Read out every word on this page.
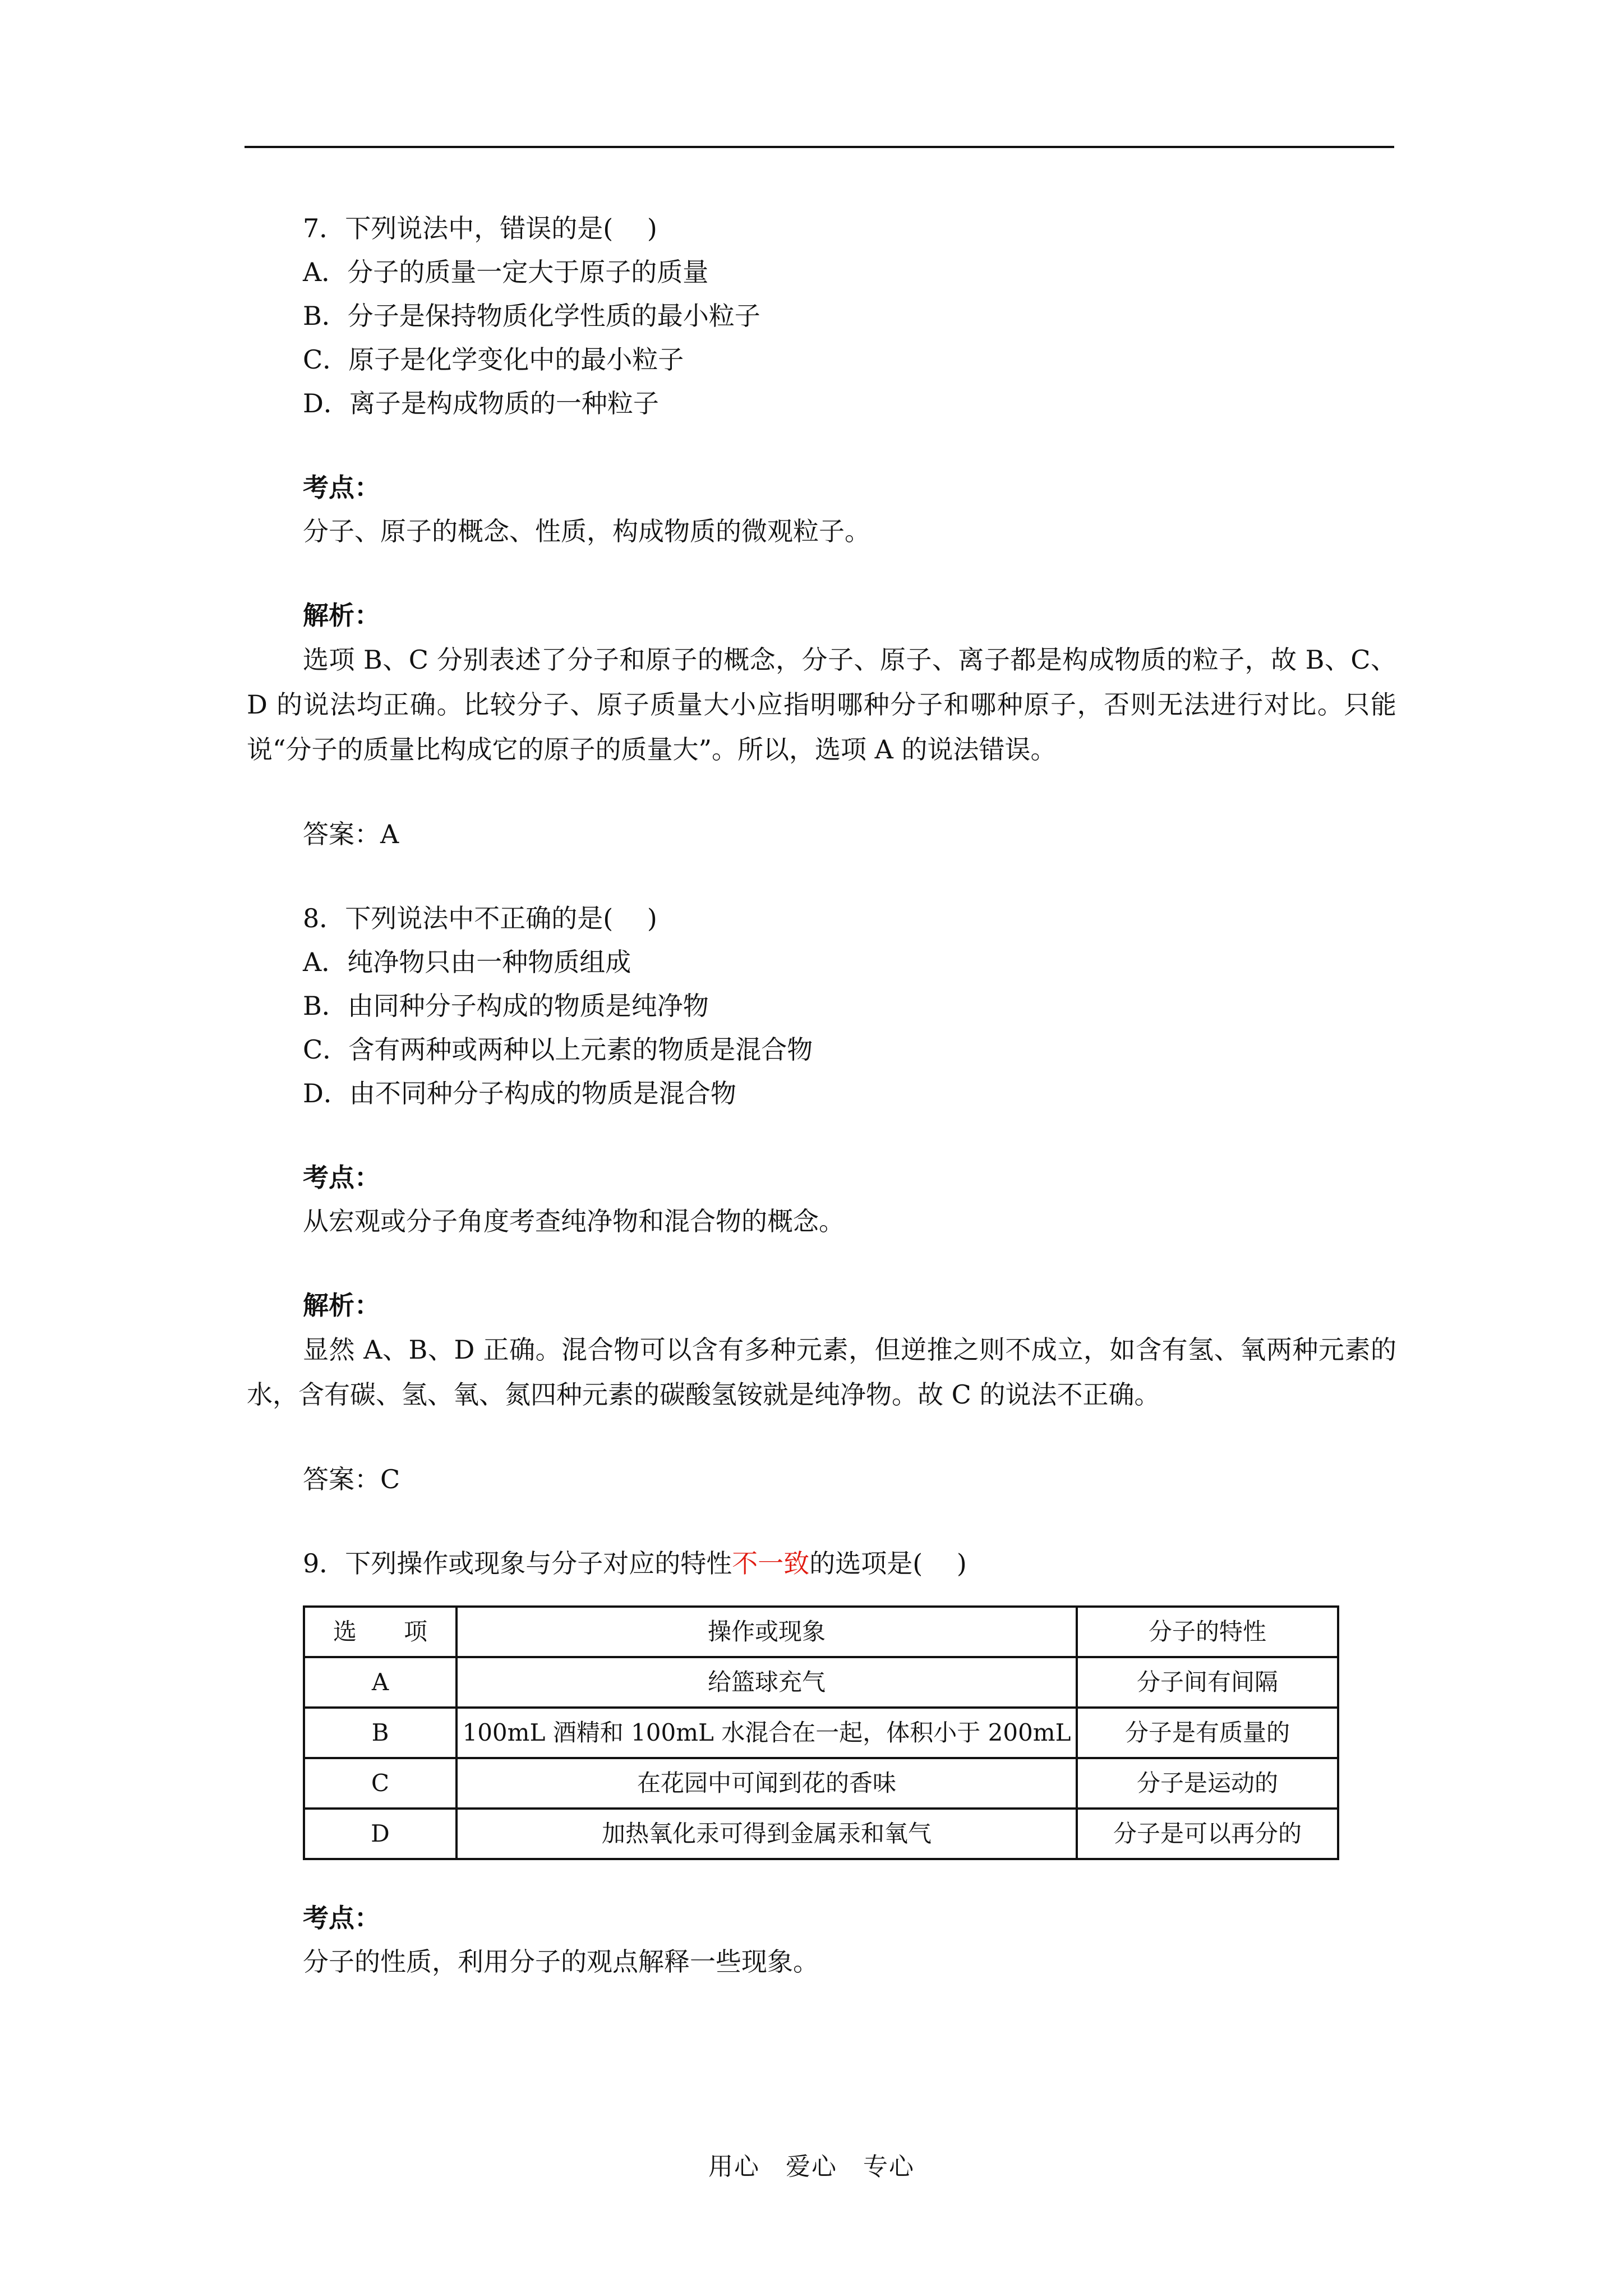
7．下列说法中，错误的是(　 )
A．分子的质量一定大于原子的质量
B．分子是保持物质化学性质的最小粒子
C．原子是化学变化中的最小粒子
D．离子是构成物质的一种粒子
考点：
分子、原子的概念、性质，构成物质的微观粒子。
解析：
选项 B、C 分别表述了分子和原子的概念，分子、原子、离子都是构成物质的粒子，故 B、C、D 的说法均正确。比较分子、原子质量大小应指明哪种分子和哪种原子，否则无法进行对比。只能说“分子的质量比构成它的原子的质量大”。所以，选项 A 的说法错误。
答案：A
8．下列说法中不正确的是(　 )
A．纯净物只由一种物质组成
B．由同种分子构成的物质是纯净物
C．含有两种或两种以上元素的物质是混合物
D．由不同种分子构成的物质是混合物
考点：
从宏观或分子角度考查纯净物和混合物的概念。
解析：
显然 A、B、D 正确。混合物可以含有多种元素，但逆推之则不成立，如含有氢、氧两种元素的水，含有碳、氢、氧、氮四种元素的碳酸氢铵就是纯净物。故 C 的说法不正确。
答案：C
9．下列操作或现象与分子对应的特性不一致的选项是(　 )
选　　项	操作或现象	分子的特性
A	给篮球充气	分子间有间隔
B	100mL 酒精和 100mL 水混合在一起，体积小于 200mL	分子是有质量的
C	在花园中可闻到花的香味	分子是运动的
D	加热氧化汞可得到金属汞和氧气	分子是可以再分的
考点：
分子的性质，利用分子的观点解释一些现象。
用心　爱心　专心
